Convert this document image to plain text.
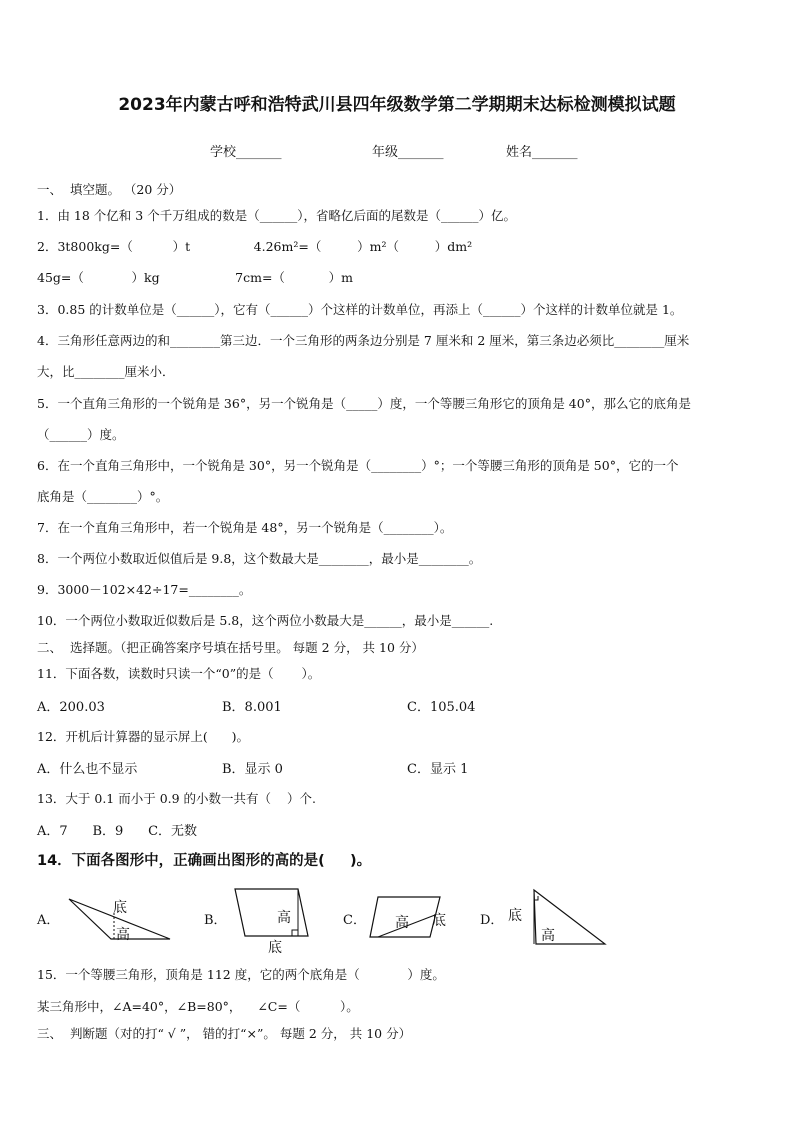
2023年内蒙古呼和浩特武川县四年级数学第二学期期末达标检测模拟试题
学校_______	年级_______	姓名_______
一、  填空题。 （20 分）
1．由 18 个亿和 3 个千万组成的数是（______），省略亿后面的尾数是（______）亿。
2．3t800kg=（          ）t                4.26m²=（         ）m²（         ）dm²
45g=（            ）kg                   7cm=（           ）m
3．0.85 的计数单位是（______），它有（______）个这样的计数单位，再添上（______）个这样的计数单位就是 1。
4．三角形任意两边的和________第三边．一个三角形的两条边分别是 7 厘米和 2 厘米，第三条边必须比________厘米
大，比________厘米小．
5．一个直角三角形的一个锐角是 36°，另一个锐角是（_____）度，一个等腰三角形它的顶角是 40°，那么它的底角是
（______）度。
6．在一个直角三角形中，一个锐角是 30°，另一个锐角是（________）°；一个等腰三角形的顶角是 50°，它的一个
底角是（________）°。
7．在一个直角三角形中，若一个锐角是 48°，另一个锐角是（________）。
8．一个两位小数取近似值后是 9.8，这个数最大是________，最小是________。
9．3000－102×42÷17=________。
10．一个两位小数取近似数后是 5.8，这个两位小数最大是______，最小是______.
二、  选择题。（把正确答案序号填在括号里。 每题 2 分， 共 10 分）
11．下面各数，读数时只读一个“0”的是（       ）。
A．200.03	B．8.001	C．105.04
12．开机后计算器的显示屏上(      )。
A．什么也不显示	B．显示 0	C．显示 1
13．大于 0.1 而小于 0.9 的小数一共有（    ）个.
A．7      B．9      C．无数
14．下面各图形中，正确画出图形的高的是(     )。
A．	B．	C．	D．
底
高
高
底
高 底	底
高
15．一个等腰三角形，顶角是 112 度，它的两个底角是（            ）度。
某三角形中，∠A=40°，∠B=80°，    ∠C=（          ）。
三、  判断题（对的打“ √ ”， 错的打“×”。 每题 2 分， 共 10 分）
